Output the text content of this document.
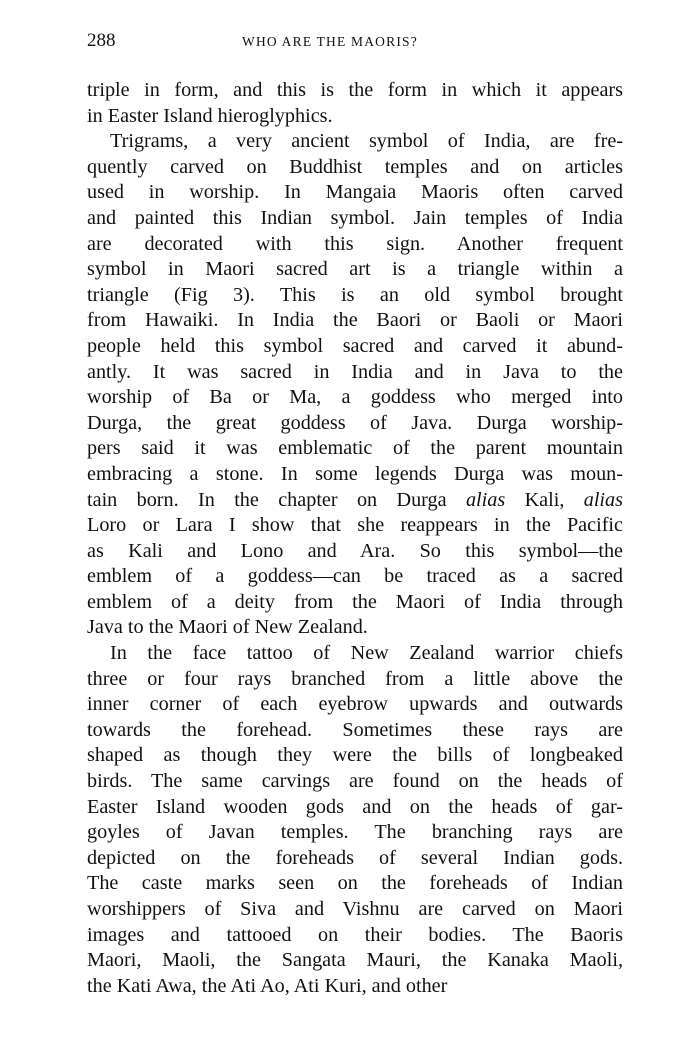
288	WHO ARE THE MAORIS?

triple in form, and this is the form in which it appears
in Easter Island hieroglyphics.

Trigrams, a very ancient symbol of India, are fre-
quently carved on Buddhist temples and on articles
used in worship. In Mangaia Maoris often carved
and painted this Indian symbol. Jain temples of India
are decorated with this sign. Another frequent
symbol in Maori sacred art is a triangle within a
triangle (Fig 3). This is an old symbol brought
from Hawaiki. In India the Baori or Baoli or Maori
people held this symbol sacred and carved it abund-
antly. It was sacred in India and in Java to the
worship of Ba or Ma, a goddess who merged into
Durga, the great goddess of Java. Durga worship-
pers said it was emblematic of the parent mountain
embracing a stone. In some legends Durga was moun-
tain born. In the chapter on Durga alias Kali, alias
Loro or Lara I show that she reappears in the Pacific
as Kali and Lono and Ara. So this symbol—the
emblem of a goddess—can be traced as a sacred
emblem of a deity from the Maori of India through
Java to the Maori of New Zealand.

In the face tattoo of New Zealand warrior chiefs
three or four rays branched from a little above the
inner corner of each eyebrow upwards and outwards
towards the forehead. Sometimes these rays are
shaped as though they were the bills of longbeaked
birds. The same carvings are found on the heads of
Easter Island wooden gods and on the heads of gar-
goyles of Javan temples. The branching rays are
depicted on the foreheads of several Indian gods.
The caste marks seen on the foreheads of Indian
worshippers of Siva and Vishnu are carved on Maori
images and tattooed on their bodies. The Baoris
Maori, Maoli, the Sangata Mauri, the Kanaka Maoli,
the Kati Awa, the Ati Ao, Ati Kuri, and other
